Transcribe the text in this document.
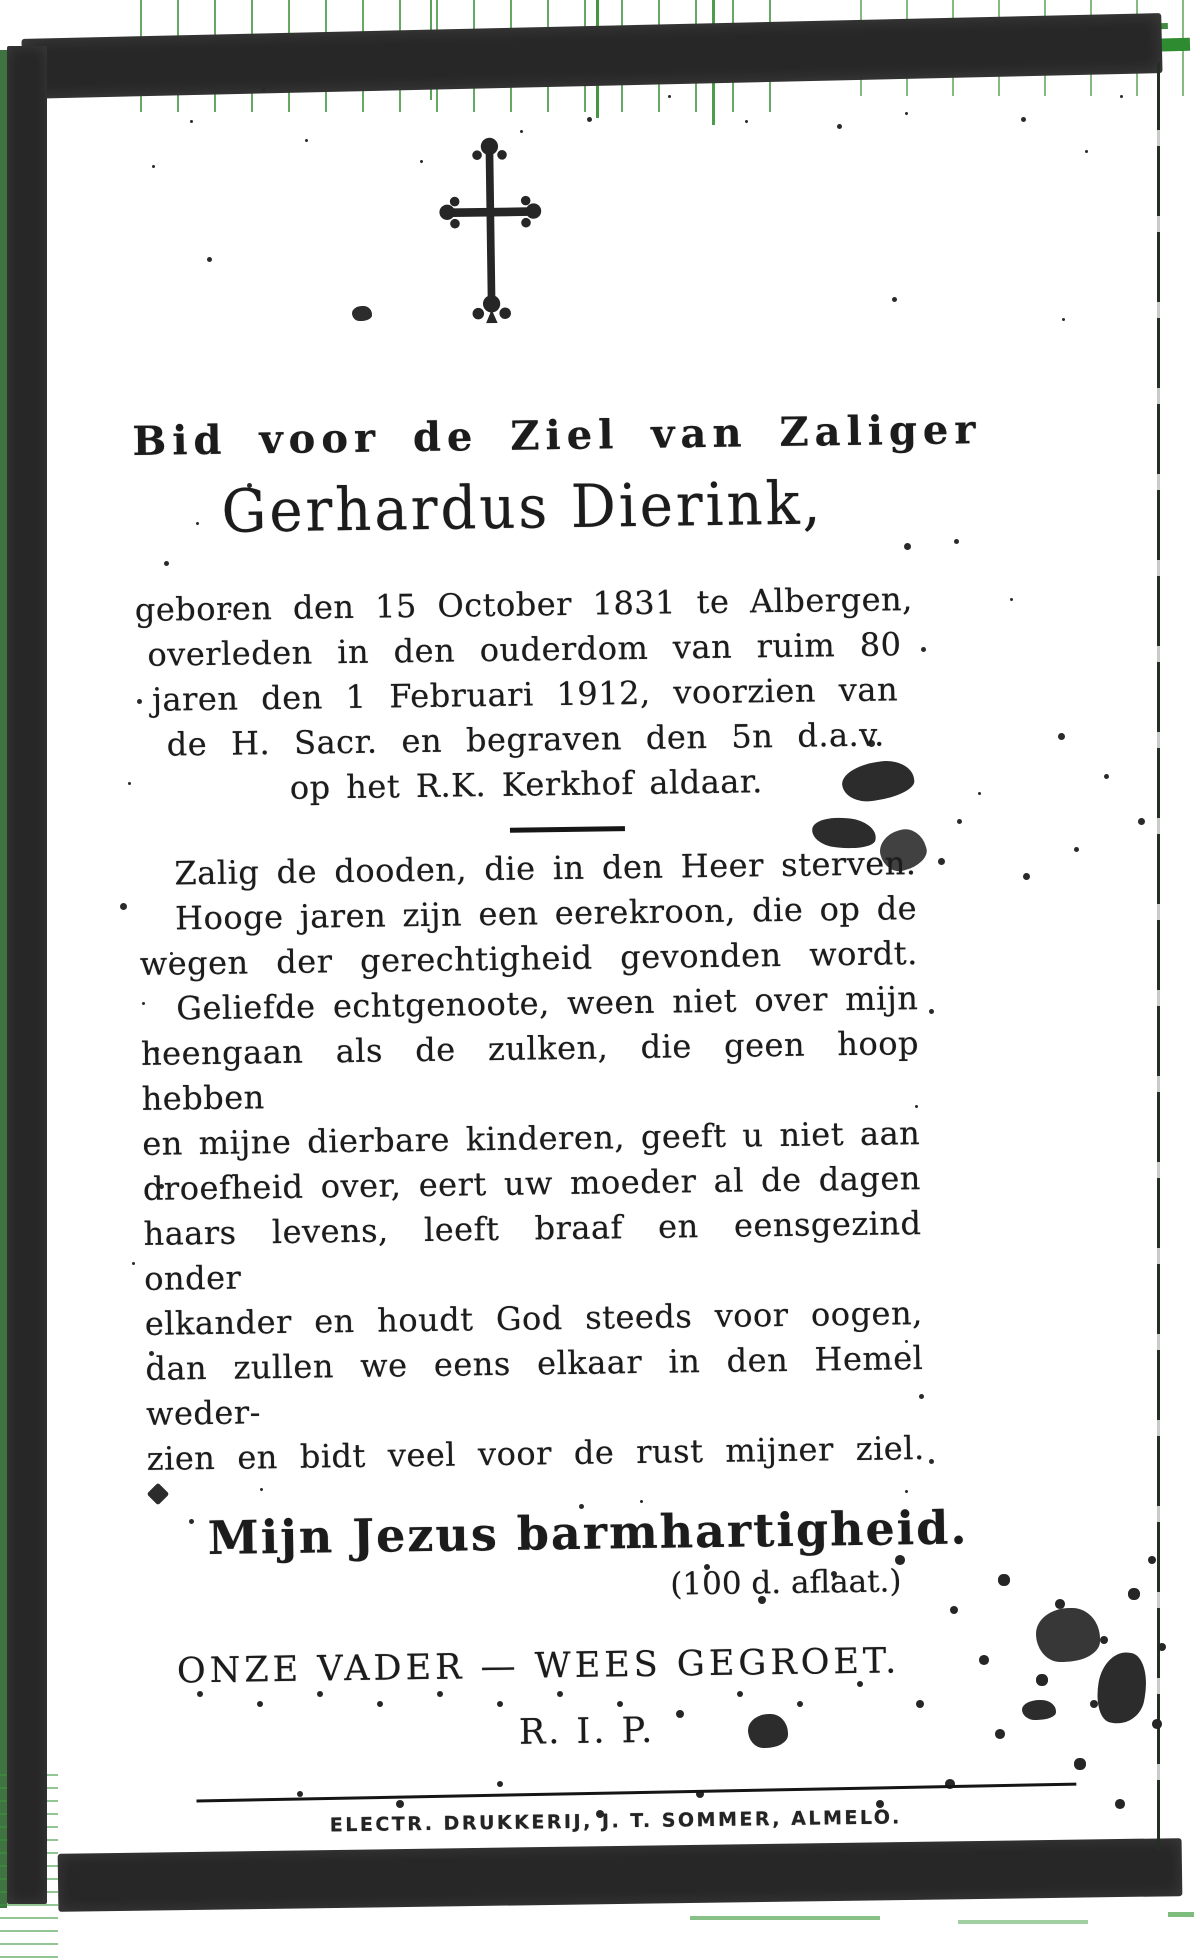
Bid voor de Ziel van Zaliger
Gerhardus Dierink,
geboren den 15 October 1831 te Albergen,
overleden in den ouderdom van ruim 80
jaren den 1 Februari 1912, voorzien van
de H. Sacr. en begraven den 5n d.a.v.
op het R.K. Kerkhof aldaar.
Zalig de dooden, die in den Heer sterven.
Hooge jaren zijn een eerekroon, die op de
wegen der gerechtigheid gevonden wordt.
Geliefde echtgenoote, ween niet over mijn
heengaan als de zulken, die geen hoop hebben
en mijne dierbare kinderen, geeft u niet aan
droefheid over, eert uw moeder al de dagen
haars levens, leeft braaf en eensgezind onder
elkander en houdt God steeds voor oogen,
dan zullen we eens elkaar in den Hemel weder-
zien en bidt veel voor de rust mijner ziel.
Mijn Jezus barmhartigheid.
(100 d. aflaat.)
ONZE VADER — WEES GEGROET.
R. I. P.
ELECTR. DRUKKERIJ, J. T. SOMMER, ALMELO.
